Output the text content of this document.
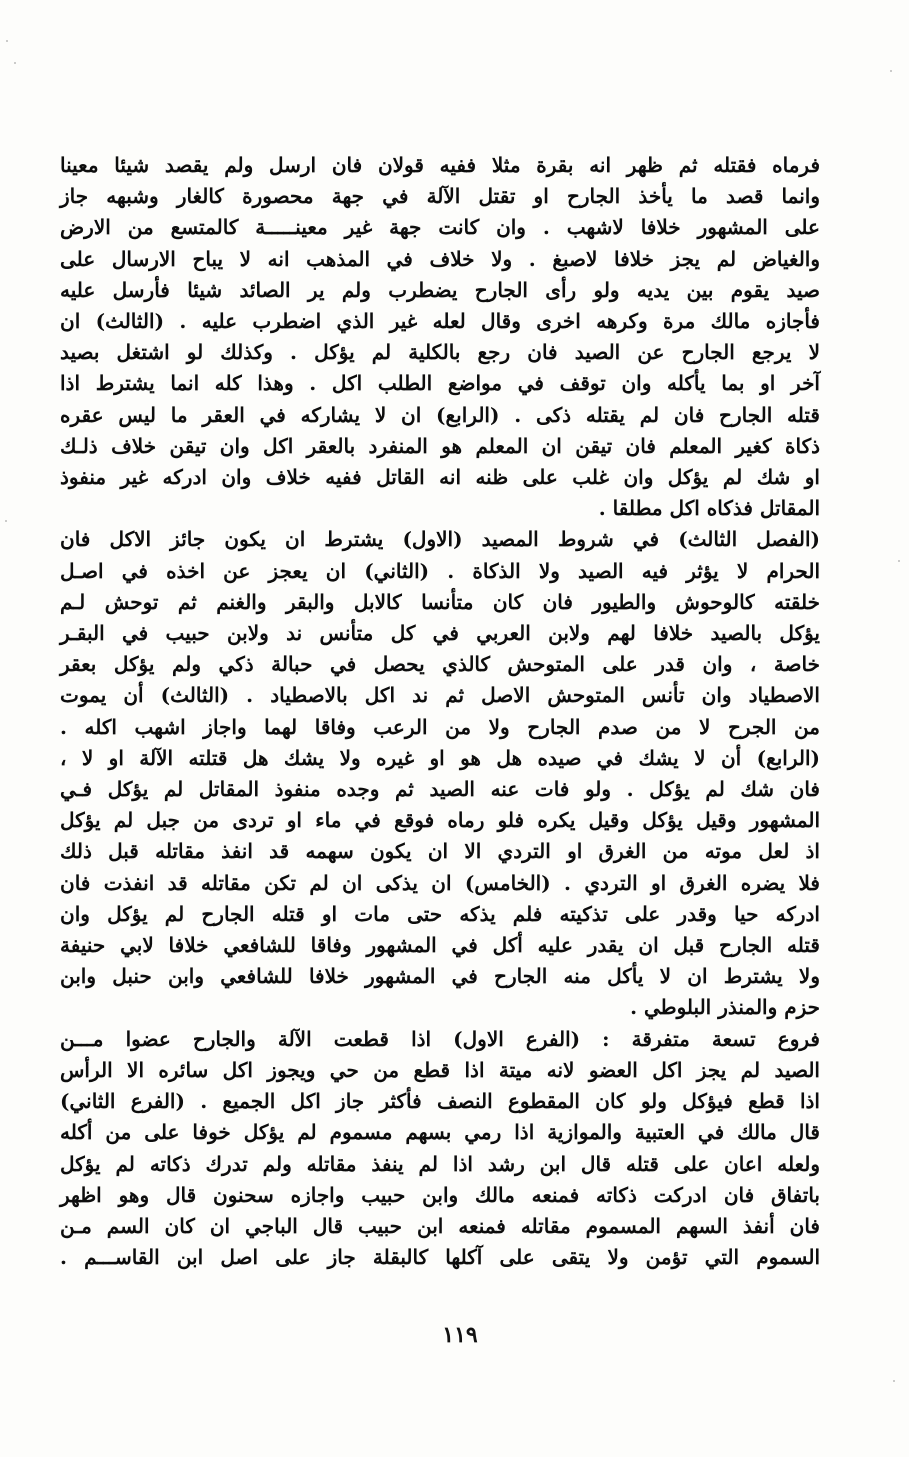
فرماه فقتله ثم ظهر انه بقرة مثلا ففيه قولان فان ارسل ولم يقصد شيئا معينا

وانما قصد ما يأخذ الجارح او تقتل الآلة في جهة محصورة كالغار وشبهه جاز

على المشهور خلافا لاشهب . وان كانت جهة غير معينـــــة كالمتسع من الارض

والغياض لم يجز خلافا لاصبغ . ولا خلاف في المذهب انه لا يباح الارسال على

صيد يقوم بين يديه ولو رأى الجارح يضطرب ولم ير الصائد شيئا فأرسل عليه

فأجازه مالك مرة وكرهه اخرى وقال لعله غير الذي اضطرب عليه . (الثالث) ان

لا يرجع الجارح عن الصيد فان رجع بالكلية لم يؤكل . وكذلك لو اشتغل بصيد

آخر او بما يأكله وان توقف في مواضع الطلب اكل . وهذا كله انما يشترط اذا

قتله الجارح فان لم يقتله ذكى . (الرابع) ان لا يشاركه في العقر ما ليس عقره

ذكاة كغير المعلم فان تيقن ان المعلم هو المنفرد بالعقر اكل وان تيقن خلاف ذلـك

او شك لم يؤكل وان غلب على ظنه انه القاتل ففيه خلاف وان ادركه غير منفوذ

المقاتل فذكاه اكل مطلقا .

(الفصل الثالث) في شروط المصيد (الاول) يشترط ان يكون جائز الاكل فان

الحرام لا يؤثر فيه الصيد ولا الذكاة . (الثاني) ان يعجز عن اخذه في اصـل

خلقته كالوحوش والطيور فان كان متأنسا كالابل والبقر والغنم ثم توحش لـم

يؤكل بالصيد خلافا لهم ولابن العربي في كل متأنس ند ولابن حبيب في البقـر

خاصة ، وان قدر على المتوحش كالذي يحصل في حبالة ذكي ولم يؤكل بعقر

الاصطياد وان تأنس المتوحش الاصل ثم ند اكل بالاصطياد . (الثالث) أن يموت

من الجرح لا من صدم الجارح ولا من الرعب وفاقا لهما واجاز اشهب اكله .

(الرابع) أن لا يشك في صيده هل هو او غيره ولا يشك هل قتلته الآلة او لا ،

فان شك لم يؤكل . ولو فات عنه الصيد ثم وجده منفوذ المقاتل لم يؤكل فـي

المشهور وقيل يؤكل وقيل يكره فلو رماه فوقع في ماء او تردى من جبل لم يؤكل

اذ لعل موته من الغرق او التردي الا ان يكون سهمه قد انفذ مقاتله قبل ذلك

فلا يضره الغرق او التردي . (الخامس) ان يذكى ان لم تكن مقاتله قد انفذت فان

ادركه حيا وقدر على تذكيته فلم يذكه حتى مات او قتله الجارح لم يؤكل وان

قتله الجارح قبل ان يقدر عليه أكل في المشهور وفاقا للشافعي خلافا لابي حنيفة

ولا يشترط ان لا يأكل منه الجارح في المشهور خلافا للشافعي وابن حنبل وابن

حزم والمنذر البلوطي .

فروع تسعة متفرقة : (الفرع الاول) اذا قطعت الآلة والجارح عضوا مـــن

الصيد لم يجز اكل العضو لانه ميتة اذا قطع من حي ويجوز اكل سائره الا الرأس

اذا قطع فيؤكل ولو كان المقطوع النصف فأكثر جاز اكل الجميع . (الفرع الثاني)

قال مالك في العتبية والموازية اذا رمي بسهم مسموم لم يؤكل خوفا على من أكله

ولعله اعان على قتله قال ابن رشد اذا لم ينفذ مقاتله ولم تدرك ذكاته لم يؤكل

باتفاق فان ادركت ذكاته فمنعه مالك وابن حبيب واجازه سحنون قال وهو اظهر

فان أنفذ السهم المسموم مقاتله فمنعه ابن حبيب قال الباجي ان كان السم مـن

السموم التي تؤمن ولا يتقى على آكلها كالبقلة جاز على اصل ابن القاســـم .

١١٩
